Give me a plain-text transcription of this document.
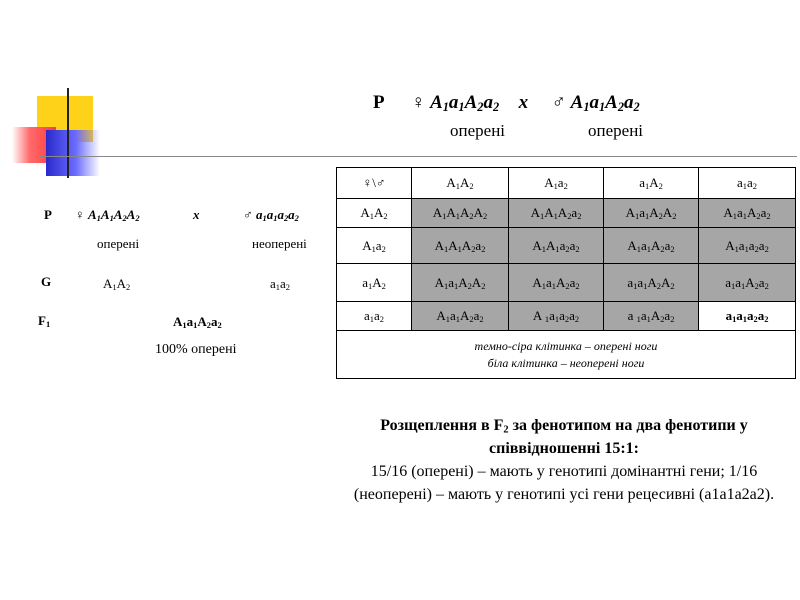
P ♀ $A_1a_1A_2a_2$ x ♂ $A_1a_1A_2a_2$
оперені	оперені
P ♀ $A_1A_1A_2A_2$	x	♂ $a_1a_1a_2a_2$
оперені	неоперені
G	$A_1A_2$	$a_1a_2$
$F_1$	$A_1a_1A_2a_2$
100% оперені
♀\♂	$A_1A_2$	$A_1a_2$	$a_1A_2$	$a_1a_2$
$A_1A_2$	$A_1A_1A_2A_2$	$A_1A_1A_2a_2$	$A_1a_1A_2A_2$	$A_1a_1A_2a_2$
$A_1a_2$	$A_1A_1A_2a_2$	$A_1A_1a_2a_2$	$A_1a_1A_2a_2$	$A_1a_1a_2a_2$
$a_1A_2$	$A_1a_1A_2A_2$	$A_1a_1A_2a_2$	$a_1a_1A_2A_2$	$a_1a_1A_2a_2$
$a_1a_2$	$A_1a_1A_2a_2$	A $_1a_1a_2a_2$	a $_1a_1A_2a_2$	$a_1a_1a_2a_2$

темно-сіра клітинка – оперені ноги
біла клітинка – неоперені ноги				
Розщеплення в $F_2$ за фенотипом на два фенотипи у співвідношенні 15:1:
15/16 (оперені) – мають у генотипі домінантні гени; 1/16 (неоперені) – мають у генотипі усі гени рецесивні (a1a1a2a2).
